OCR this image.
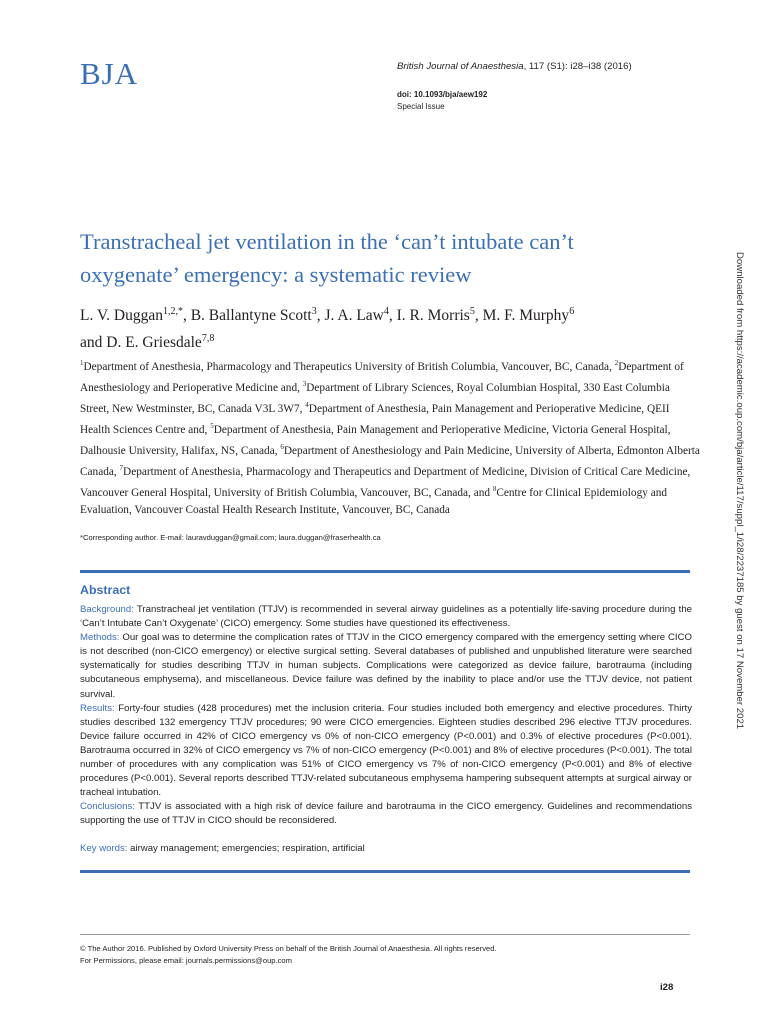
BJA	British Journal of Anaesthesia, 117 (S1): i28–i38 (2016)
doi: 10.1093/bja/aew192
Special Issue
Transtracheal jet ventilation in the ‘can’t intubate can’t
oxygenate’ emergency: a systematic review
L. V. Duggan$^{1,2,*}$, B. Ballantyne Scott$^3$, J. A. Law$^4$, I. R. Morris$^5$, M. F. Murphy$^6$
and D. E. Griesdale$^{7,8}$
$^1$Department of Anesthesia, Pharmacology and Therapeutics University of British Columbia, Vancouver, BC, Canada, $^2$Department of Anesthesiology and Perioperative Medicine and, $^3$Department of Library Sciences, Royal Columbian Hospital, 330 East Columbia Street, New Westminster, BC, Canada V3L 3W7, $^4$Department of Anesthesia, Pain Management and Perioperative Medicine, QEII Health Sciences Centre and, $^5$Department of Anesthesia, Pain Management and Perioperative Medicine, Victoria General Hospital, Dalhousie University, Halifax, NS, Canada, $^6$Department of Anesthesiology and Pain Medicine, University of Alberta, Edmonton Alberta Canada, $^7$Department of Anesthesia, Pharmacology and Therapeutics and Department of Medicine, Division of Critical Care Medicine, Vancouver General Hospital, University of British Columbia, Vancouver, BC, Canada, and $^8$Centre for Clinical Epidemiology and Evaluation, Vancouver Coastal Health Research Institute, Vancouver, BC, Canada
*Corresponding author. E-mail: lauravduggan@gmail.com; laura.duggan@fraserhealth.ca
Abstract

Background: Transtracheal jet ventilation (TTJV) is recommended in several airway guidelines as a potentially life-saving procedure during the ‘Can’t Intubate Can’t Oxygenate’ (CICO) emergency. Some studies have questioned its effectiveness.

Methods: Our goal was to determine the complication rates of TTJV in the CICO emergency compared with the emergency setting where CICO is not described (non-CICO emergency) or elective surgical setting. Several databases of published and unpublished literature were searched systematically for studies describing TTJV in human subjects. Complications were categorized as device failure, barotrauma (including subcutaneous emphysema), and miscellaneous. Device failure was defined by the inability to place and/or use the TTJV device, not patient survival.

Results: Forty-four studies (428 procedures) met the inclusion criteria. Four studies included both emergency and elective procedures. Thirty studies described 132 emergency TTJV procedures; 90 were CICO emergencies. Eighteen studies described 296 elective TTJV procedures. Device failure occurred in 42% of CICO emergency vs 0% of non-CICO emergency (P<0.001) and 0.3% of elective procedures (P<0.001). Barotrauma occurred in 32% of CICO emergency vs 7% of non-CICO emergency (P<0.001) and 8% of elective procedures (P<0.001). The total number of procedures with any complication was 51% of CICO emergency vs 7% of non-CICO emergency (P<0.001) and 8% of elective procedures (P<0.001). Several reports described TTJV-related subcutaneous emphysema hampering subsequent attempts at surgical airway or tracheal intubation.

Conclusions: TTJV is associated with a high risk of device failure and barotrauma in the CICO emergency. Guidelines and recommendations supporting the use of TTJV in CICO should be reconsidered.

Key words: airway management; emergencies; respiration, artificial
© The Author 2016. Published by Oxford University Press on behalf of the British Journal of Anaesthesia. All rights reserved.
For Permissions, please email: journals.permissions@oup.com
i28
Downloaded from https://academic.oup.com/bja/article/117/suppl_1/i28/2237185 by guest on 17 November 2021
